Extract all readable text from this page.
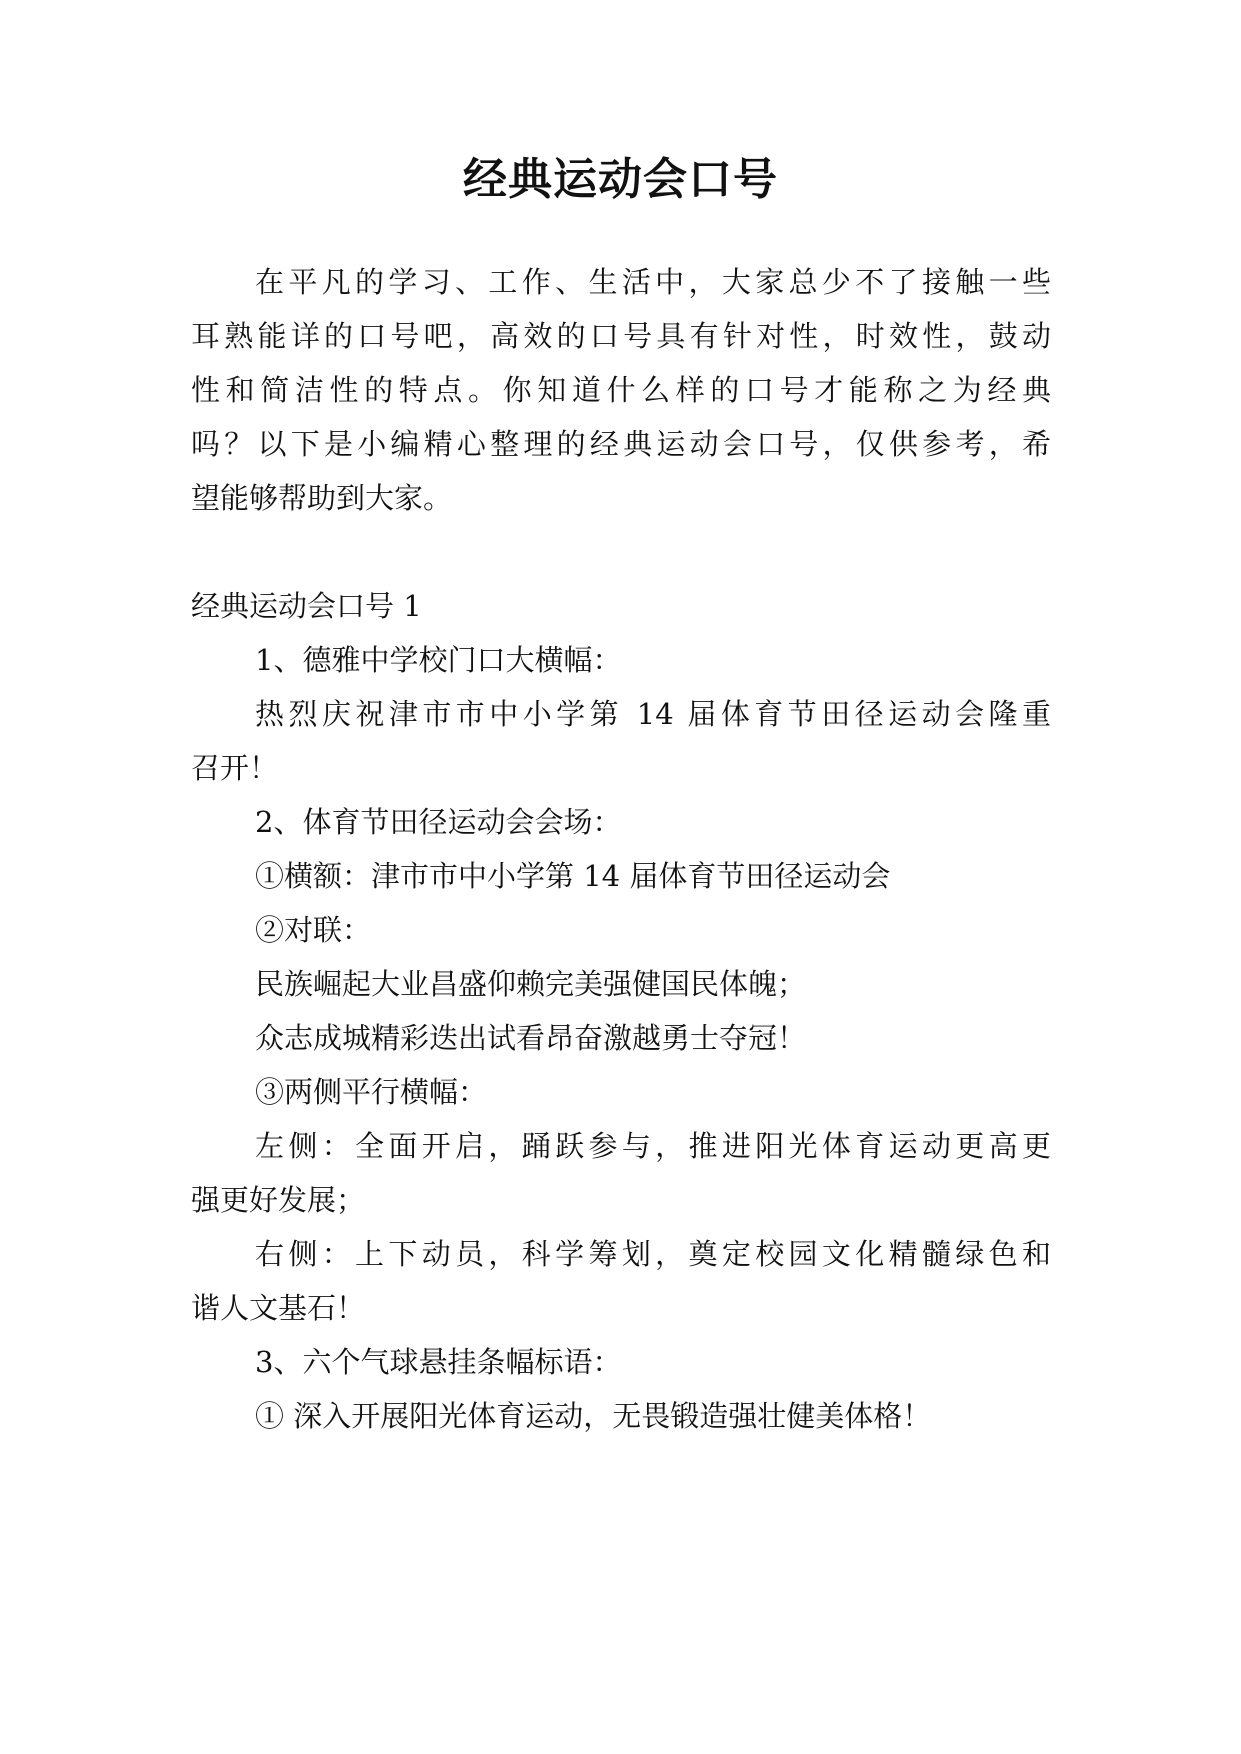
经典运动会口号
在平凡的学习、工作、生活中，大家总少不了接触一些
耳熟能详的口号吧，高效的口号具有针对性，时效性，鼓动
性和简洁性的特点。你知道什么样的口号才能称之为经典
吗？以下是小编精心整理的经典运动会口号，仅供参考，希
望能够帮助到大家。
经典运动会口号 1
1、德雅中学校门口大横幅：
热烈庆祝津市市中小学第 14 届体育节田径运动会隆重
召开！
2、体育节田径运动会会场：
①横额：津市市中小学第 14 届体育节田径运动会
②对联：
民族崛起大业昌盛仰赖完美强健国民体魄；
众志成城精彩迭出试看昂奋激越勇士夺冠！
③两侧平行横幅：
左侧：全面开启，踊跃参与，推进阳光体育运动更高更
强更好发展；
右侧：上下动员，科学筹划，奠定校园文化精髓绿色和
谐人文基石！
3、六个气球悬挂条幅标语：
① 深入开展阳光体育运动，无畏锻造强壮健美体格！
